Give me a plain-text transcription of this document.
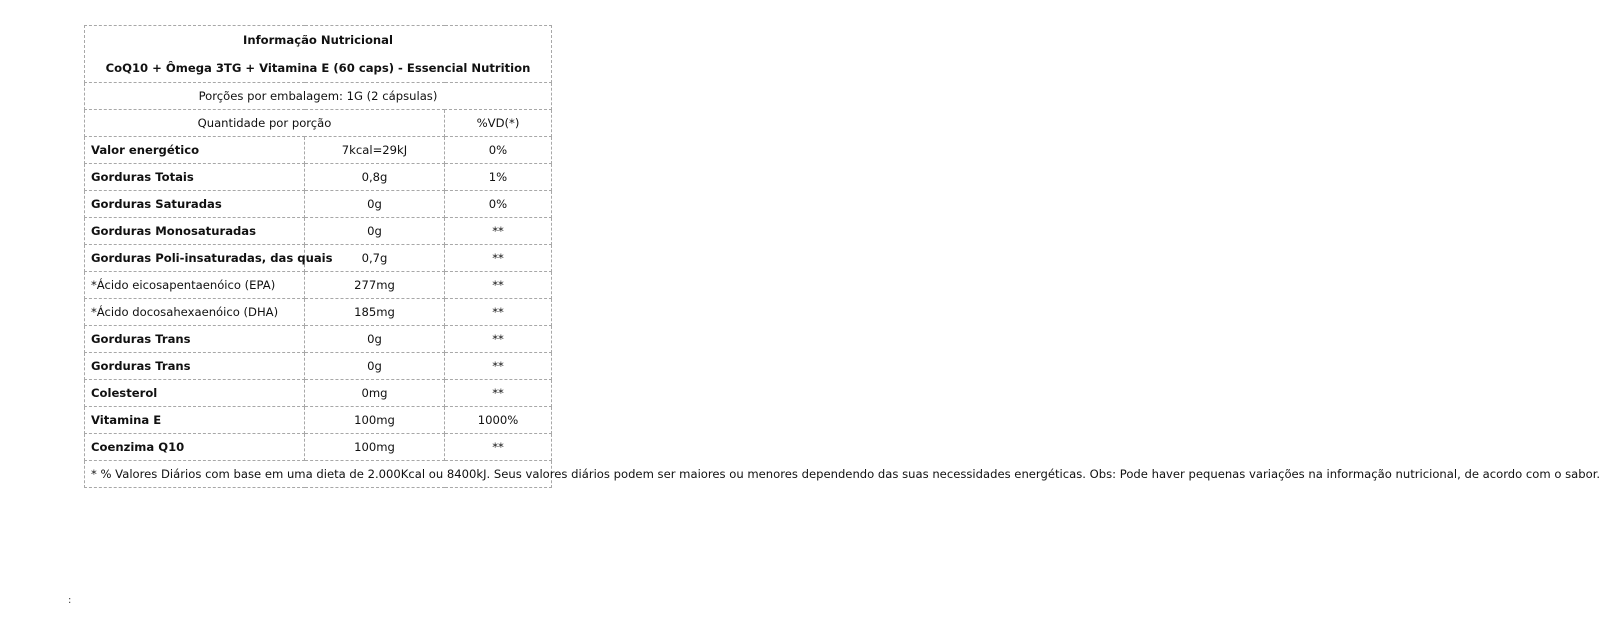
Informação Nutricional
CoQ10 + Ômega 3TG + Vitamina E (60 caps) - Essencial Nutrition		

Porções por embalagem: 1G (2 cápsulas)		
Quantidade por porção		%VD(*)
Valor energético	7kcal=29kJ	0%
Gorduras Totais	0,8g	1%
Gorduras Saturadas	0g	0%
Gorduras Monosaturadas	0g	**
Gorduras Poli-insaturadas, das quais	0,7g	**
*Ácido eicosapentaenóico (EPA)	277mg	**
*Ácido docosahexaenóico (DHA)	185mg	**
Gorduras Trans	0g	**
Gorduras Trans	0g	**
Colesterol	0mg	**
Vitamina E	100mg	1000%
Coenzima Q10	100mg	**
* % Valores Diários com base em uma dieta de 2.000Kcal ou 8400kJ. Seus valores diários podem ser maiores ou menores dependendo das suas necessidades energéticas. Obs: Pode haver pequenas variações na informação nutricional, de acordo com o sabor.		
:
